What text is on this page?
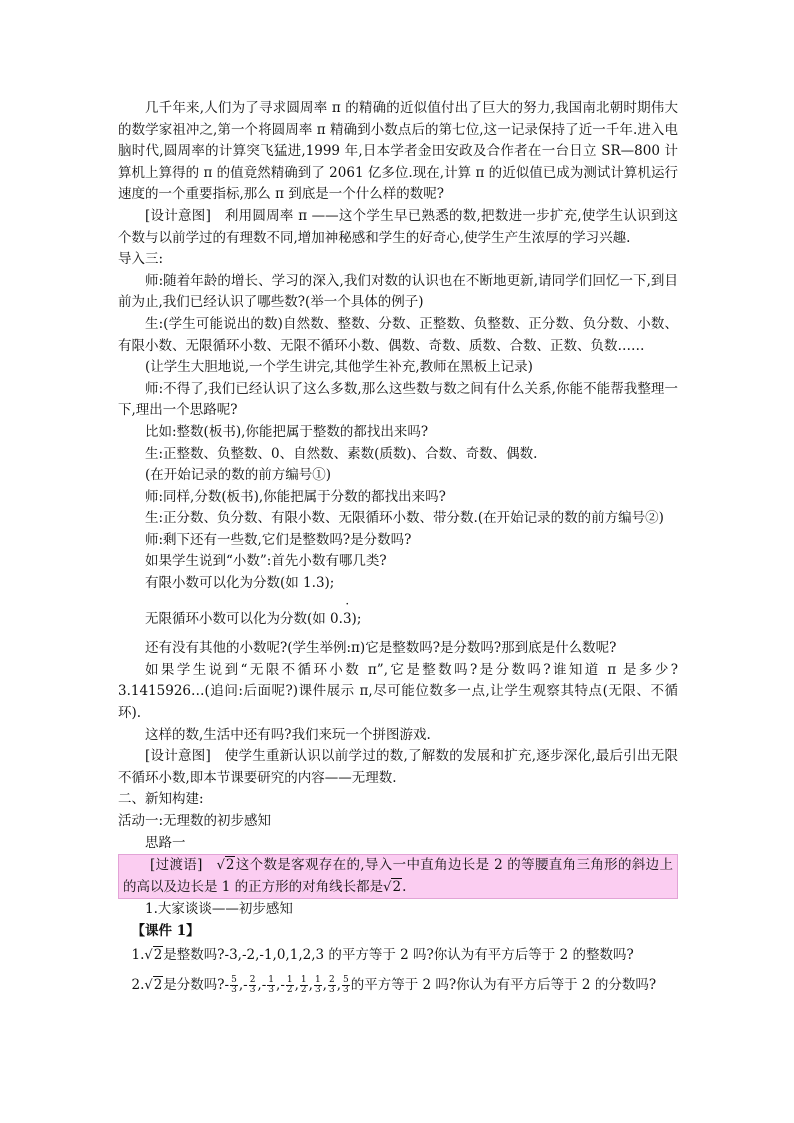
几千年来,人们为了寻求圆周率 π 的精确的近似值付出了巨大的努力,我国南北朝时期伟大的数学家祖冲之,第一个将圆周率 π 精确到小数点后的第七位,这一记录保持了近一千年.进入电脑时代,圆周率的计算突飞猛进,1999 年,日本学者金田安政及合作者在一台日立 SR—800 计算机上算得的 π 的值竟然精确到了 2061 亿多位.现在,计算 π 的近似值已成为测试计算机运行速度的一个重要指标,那么 π 到底是一个什么样的数呢?

[设计意图]　利用圆周率 π ——这个学生早已熟悉的数,把数进一步扩充,使学生认识到这个数与以前学过的有理数不同,增加神秘感和学生的好奇心,使学生产生浓厚的学习兴趣.

导入三:

师:随着年龄的增长、学习的深入,我们对数的认识也在不断地更新,请同学们回忆一下,到目前为止,我们已经认识了哪些数?(举一个具体的例子)

生:(学生可能说出的数)自然数、整数、分数、正整数、负整数、正分数、负分数、小数、有限小数、无限循环小数、无限不循环小数、偶数、奇数、质数、合数、正数、负数……

(让学生大胆地说,一个学生讲完,其他学生补充,教师在黑板上记录)

师:不得了,我们已经认识了这么多数,那么这些数与数之间有什么关系,你能不能帮我整理一下,理出一个思路呢?

比如:整数(板书),你能把属于整数的都找出来吗?

生:正整数、负整数、0、自然数、素数(质数)、合数、奇数、偶数.

(在开始记录的数的前方编号①)

师:同样,分数(板书),你能把属于分数的都找出来吗?

生:正分数、负分数、有限小数、无限循环小数、带分数.(在开始记录的数的前方编号②)

师:剩下还有一些数,它们是整数吗?是分数吗?

如果学生说到“小数”:首先小数有哪几类?

有限小数可以化为分数(如 1.3);

无限循环小数可以化为分数(如 0.
·
3);

还有没有其他的小数呢?(学生举例:π)它是整数吗?是分数吗?那到底是什么数呢?

如果学生说到“无限不循环小数 π”,它是整数吗?是分数吗?谁知道 π 是多少?3.1415926…(追问:后面呢?)课件展示 π,尽可能位数多一点,让学生观察其特点(无限、不循环).

这样的数,生活中还有吗?我们来玩一个拼图游戏.

[设计意图]　使学生重新认识以前学过的数,了解数的发展和扩充,逐步深化,最后引出无限不循环小数,即本节课要研究的内容——无理数.

二、新知构建:

活动一:无理数的初步感知

思路一

[过渡语]　√2这个数是客观存在的,导入一中直角边长是 2 的等腰直角三角形的斜边上的高以及边长是 1 的正方形的对角线长都是√2.

1.大家谈谈——初步感知

【课件 1】

1.√2是整数吗?-3,-2,-1,0,1,2,3 的平方等于 2 吗?你认为有平方后等于 2 的整数吗?

2.√2是分数吗?- $\frac{5}{3}$ ,- $\frac{2}{3}$ ,- $\frac{1}{3}$ ,- $\frac{1}{2}$ , $\frac{1}{2}$ , $\frac{1}{3}$ , $\frac{2}{3}$ , $\frac{5}{3}$ 的平方等于 2 吗?你认为有平方后等于 2 的分数吗?
